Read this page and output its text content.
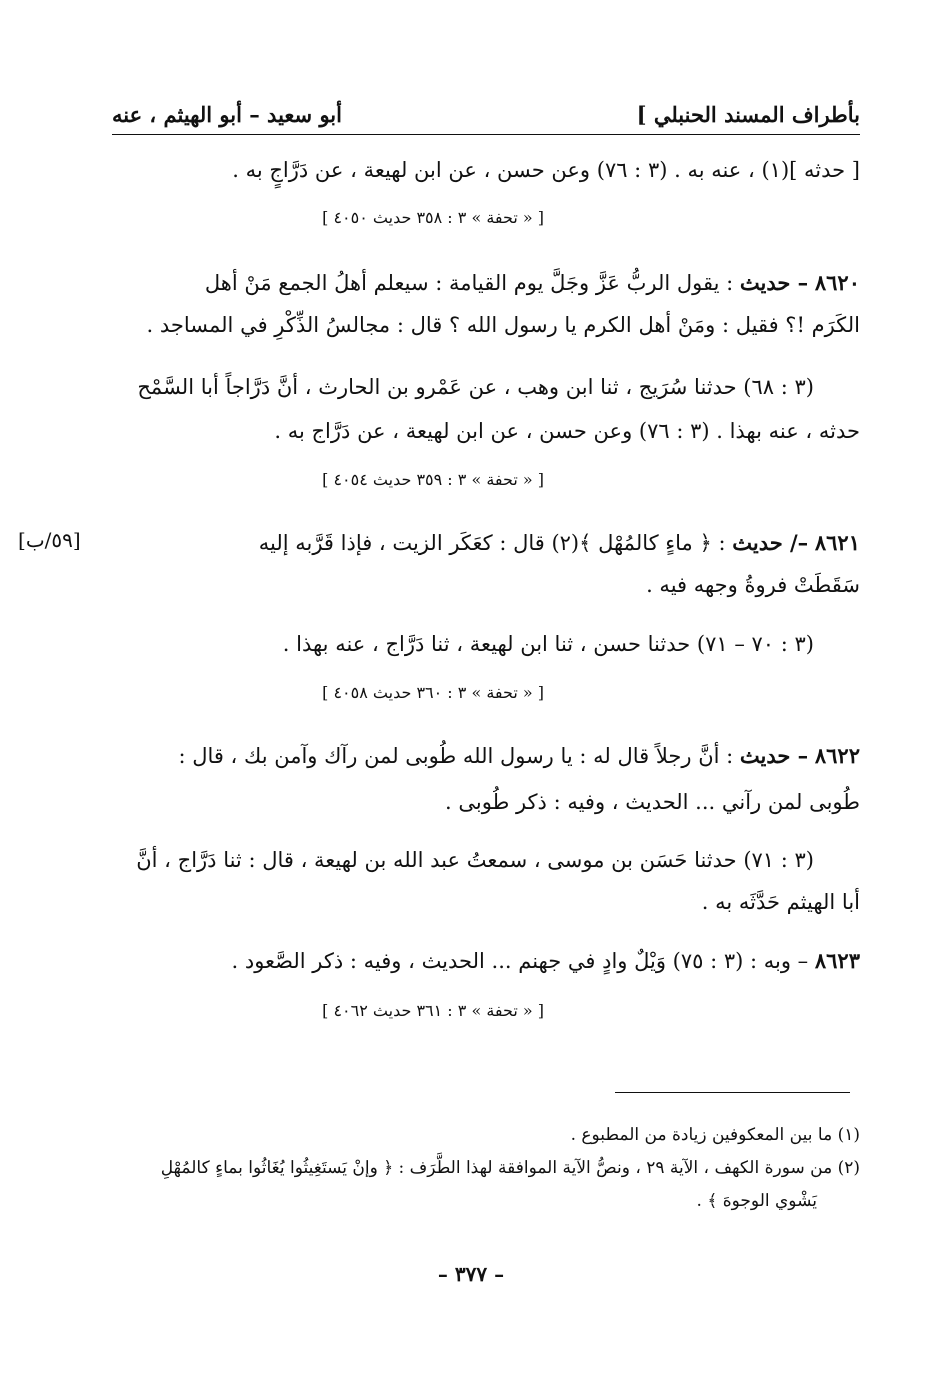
بأطراف المسند الحنبلي ]
أبو سعيد – أبو الهيثم ، عنه
[ حدثه ](١) ، عنه به . (٣ : ٧٦) وعن حسن ، عن ابن لهيعة ، عن دَرَّاجٍ به .
[ « تحفة » ٣ : ٣٥٨ حديث ٤٠٥٠ ]
٨٦٢٠ – حديث : يقول الربُّ عَزَّ وجَلَّ يوم القيامة : سيعلم أهلُ الجمع مَنْ أهل
الكَرَم !؟ فقيل : ومَنْ أهل الكرم يا رسول الله ؟ قال : مجالسُ الذِّكْرِ في المساجد .
(٣ : ٦٨) حدثنا سُرَيج ، ثنا ابن وهب ، عن عَمْرو بن الحارث ، أنَّ دَرَّاجاً أبا السَّمْح
حدثه ، عنه بهذا . (٣ : ٧٦) وعن حسن ، عن ابن لهيعة ، عن دَرَّاج به .
[ « تحفة » ٣ : ٣٥٩ حديث ٤٠٥٤ ]
[٥٩/ب]	٨٦٢١ –/ حديث : ﴿ ماءٍ كالمُهْل ﴾(٢) قال : كعَكَر الزيت ، فإذا قَرَّبه إليه
سَقَطَتْ فروةُ وجهه فيه .
(٣ : ٧٠ – ٧١) حدثنا حسن ، ثنا ابن لهيعة ، ثنا دَرَّاج ، عنه بهذا .
[ « تحفة » ٣ : ٣٦٠ حديث ٤٠٥٨ ]
٨٦٢٢ – حديث : أنَّ رجلاً قال له : يا رسول الله طُوبى لمن رآك وآمن بك ، قال :
طُوبى لمن رآني ... الحديث ، وفيه : ذكر طُوبى .
(٣ : ٧١) حدثنا حَسَن بن موسى ، سمعتُ عبد الله بن لهيعة ، قال : ثنا دَرَّاج ، أنَّ
أبا الهيثم حَدَّثَه به .
٨٦٢٣ – وبه : (٣ : ٧٥) وَيْلٌ وادٍ في جهنم ... الحديث ، وفيه : ذكر الصَّعود .
[ « تحفة » ٣ : ٣٦١ حديث ٤٠٦٢ ]
(١) ما بين المعكوفين زيادة من المطبوع .
(٢) من سورة الكهف ، الآية ٢٩ ، ونصُّ الآية الموافقة لهذا الطَّرَف : ﴿ وإنْ يَستَغِيثُوا يُغَاثُوا بماءٍ كالمُهْلِ
يَشْوي الوجوهَ ﴾ .
– ٣٧٧ –
